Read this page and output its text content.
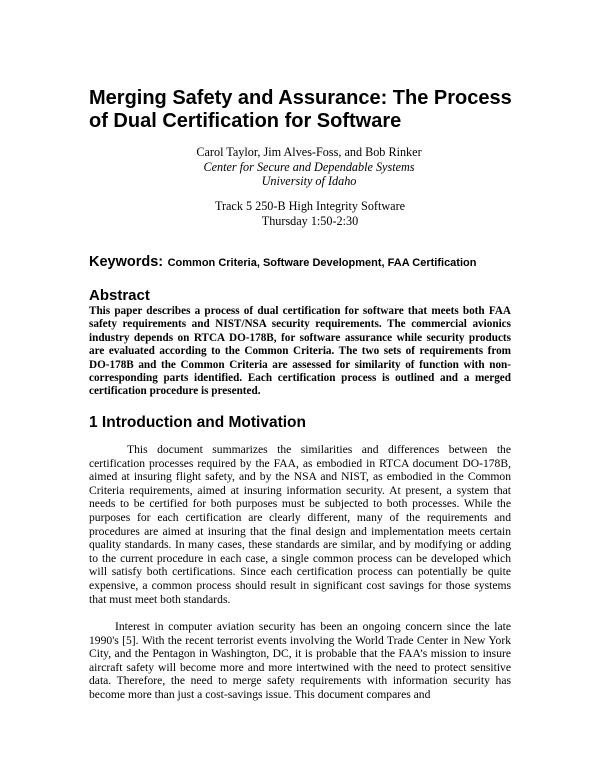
Merging Safety and Assurance: The Process
of Dual Certification for Software
Carol Taylor, Jim Alves-Foss, and Bob Rinker
Center for Secure and Dependable Systems
University of Idaho
Track 5 250-B High Integrity Software
Thursday 1:50-2:30
Keywords: Common Criteria, Software Development, FAA Certification
Abstract

This paper describes a process of dual certification for software that meets both FAA safety requirements and NIST/NSA security requirements. The commercial avionics industry depends on RTCA DO-178B, for software assurance while security products are evaluated according to the Common Criteria. The two sets of requirements from DO-178B and the Common Criteria are assessed for similarity of function with non-corresponding parts identified. Each certification process is outlined and a merged certification procedure is presented.

1 Introduction and Motivation

This document summarizes the similarities and differences between the certification processes required by the FAA, as embodied in RTCA document DO-178B, aimed at insuring flight safety, and by the NSA and NIST, as embodied in the Common Criteria requirements, aimed at insuring information security. At present, a system that needs to be certified for both purposes must be subjected to both processes. While the purposes for each certification are clearly different, many of the requirements and procedures are aimed at insuring that the final design and implementation meets certain quality standards. In many cases, these standards are similar, and by modifying or adding to the current procedure in each case, a single common process can be developed which will satisfy both certifications. Since each certification process can potentially be quite expensive, a common process should result in significant cost savings for those systems that must meet both standards.

Interest in computer aviation security has been an ongoing concern since the late 1990's [5]. With the recent terrorist events involving the World Trade Center in New York City, and the Pentagon in Washington, DC, it is probable that the FAA’s mission to insure aircraft safety will become more and more intertwined with the need to protect sensitive data. Therefore, the need to merge safety requirements with information security has become more than just a cost-savings issue. This document compares and
